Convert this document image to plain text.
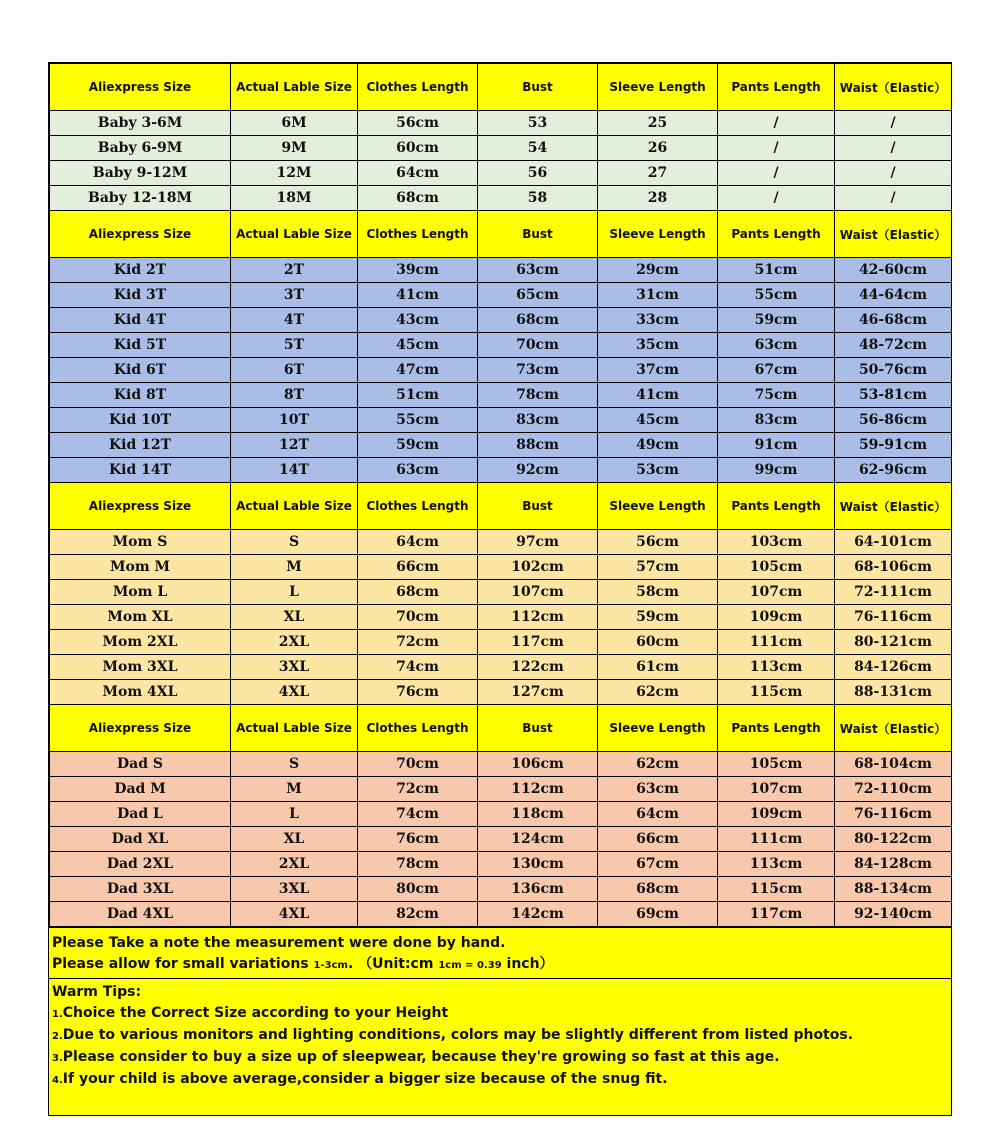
Aliexpress Size	Actual Lable Size	Clothes Length	Bust	Sleeve Length	Pants Length	Waist（Elastic）
Baby 3-6M	6M	56cm	53	25	/	/
Baby 6-9M	9M	60cm	54	26	/	/
Baby 9-12M	12M	64cm	56	27	/	/
Baby 12-18M	18M	68cm	58	28	/	/
Aliexpress Size	Actual Lable Size	Clothes Length	Bust	Sleeve Length	Pants Length	Waist（Elastic）
Kid 2T	2T	39cm	63cm	29cm	51cm	42-60cm
Kid 3T	3T	41cm	65cm	31cm	55cm	44-64cm
Kid 4T	4T	43cm	68cm	33cm	59cm	46-68cm
Kid 5T	5T	45cm	70cm	35cm	63cm	48-72cm
Kid 6T	6T	47cm	73cm	37cm	67cm	50-76cm
Kid 8T	8T	51cm	78cm	41cm	75cm	53-81cm
Kid 10T	10T	55cm	83cm	45cm	83cm	56-86cm
Kid 12T	12T	59cm	88cm	49cm	91cm	59-91cm
Kid 14T	14T	63cm	92cm	53cm	99cm	62-96cm
Aliexpress Size	Actual Lable Size	Clothes Length	Bust	Sleeve Length	Pants Length	Waist（Elastic）
Mom S	S	64cm	97cm	56cm	103cm	64-101cm
Mom M	M	66cm	102cm	57cm	105cm	68-106cm
Mom L	L	68cm	107cm	58cm	107cm	72-111cm
Mom XL	XL	70cm	112cm	59cm	109cm	76-116cm
Mom 2XL	2XL	72cm	117cm	60cm	111cm	80-121cm
Mom 3XL	3XL	74cm	122cm	61cm	113cm	84-126cm
Mom 4XL	4XL	76cm	127cm	62cm	115cm	88-131cm
Aliexpress Size	Actual Lable Size	Clothes Length	Bust	Sleeve Length	Pants Length	Waist（Elastic）
Dad S	S	70cm	106cm	62cm	105cm	68-104cm
Dad M	M	72cm	112cm	63cm	107cm	72-110cm
Dad L	L	74cm	118cm	64cm	109cm	76-116cm
Dad XL	XL	76cm	124cm	66cm	111cm	80-122cm
Dad 2XL	2XL	78cm	130cm	67cm	113cm	84-128cm
Dad 3XL	3XL	80cm	136cm	68cm	115cm	88-134cm
Dad 4XL	4XL	82cm	142cm	69cm	117cm	92-140cm
Please Take a note the measurement were done by hand.
Please allow for small variations 1-3cm. （Unit:cm 1cm = 0.39 inch）
Warm Tips:
1.Choice the Correct Size according to your Height
2.Due to various monitors and lighting conditions, colors may be slightly different from listed photos.
3.Please consider to buy a size up of sleepwear, because they're growing so fast at this age.
4.If your child is above average,consider a bigger size because of the snug fit.
